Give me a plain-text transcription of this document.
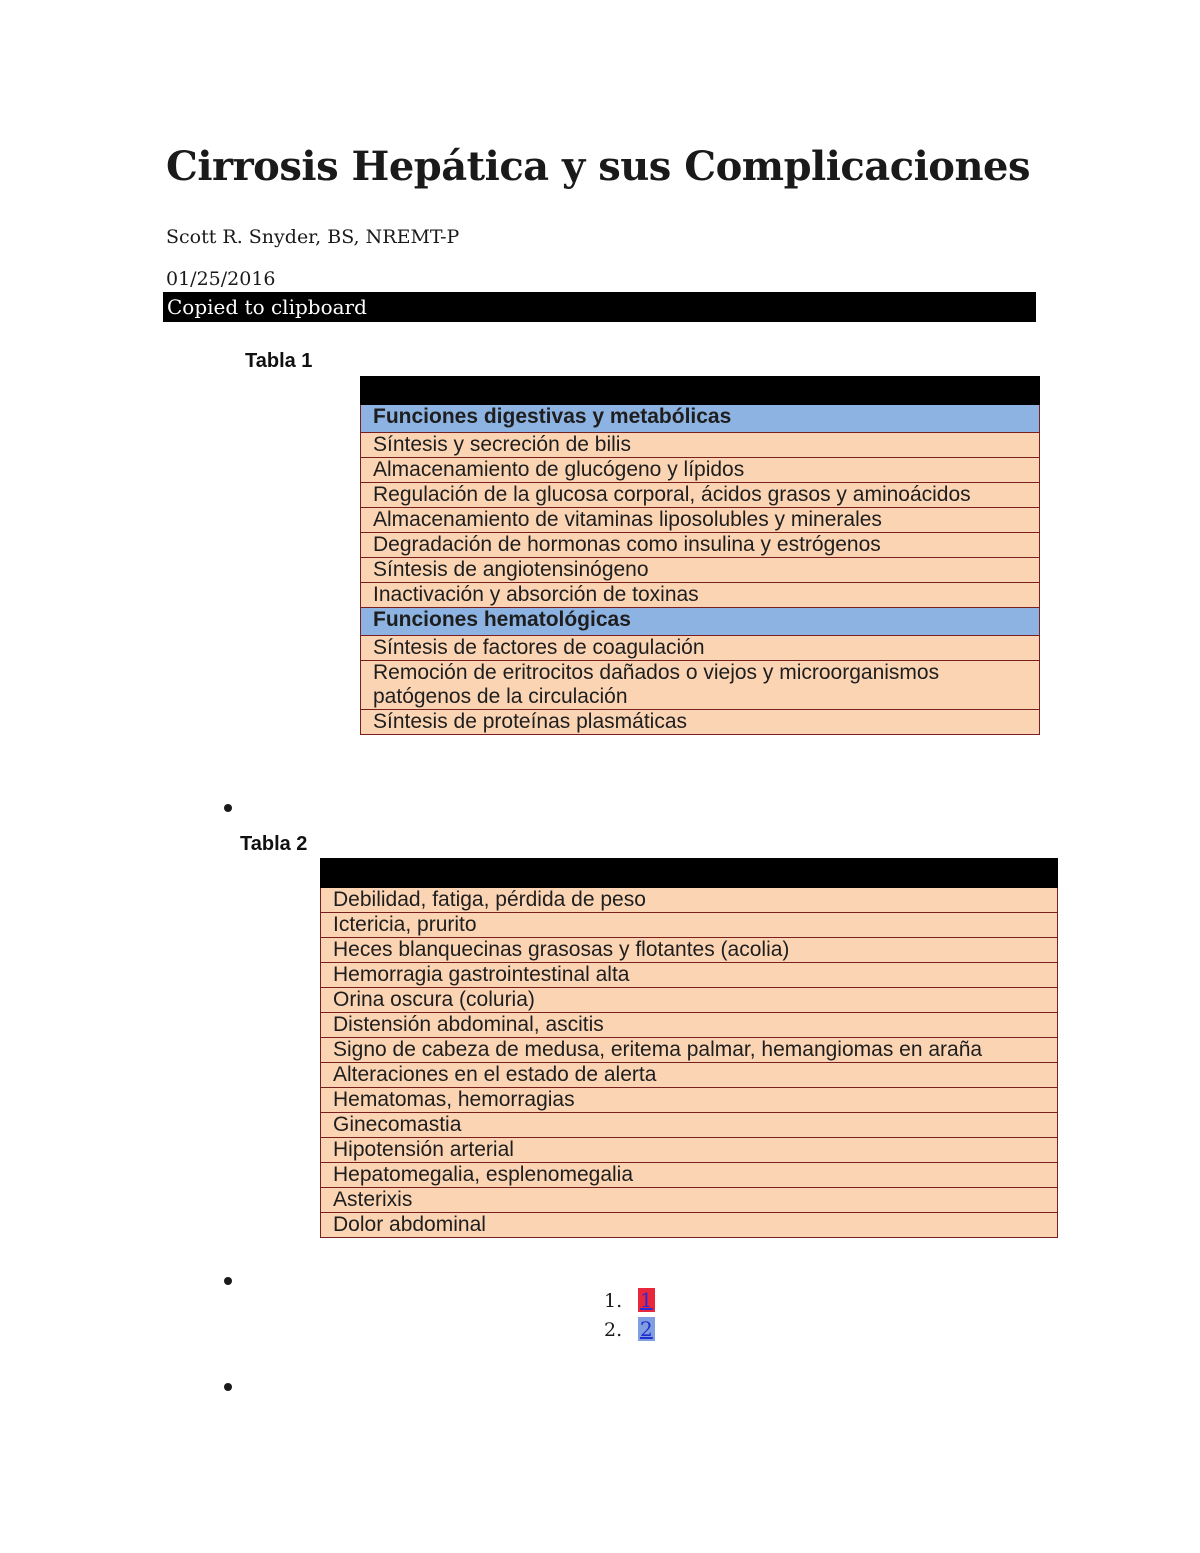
Cirrosis Hepática y sus Complicaciones
Scott R. Snyder, BS, NREMT-P
01/25/2016
Copied to clipboard
Tabla 1

Funciones digestivas y metabólicas
Síntesis y secreción de bilis
Almacenamiento de glucógeno y lípidos
Regulación de la glucosa corporal, ácidos grasos y aminoácidos
Almacenamiento de vitaminas liposolubles y minerales
Degradación de hormonas como insulina y estrógenos
Síntesis de angiotensinógeno
Inactivación y absorción de toxinas
Funciones hematológicas
Síntesis de factores de coagulación
Remoción de eritrocitos dañados o viejos y microorganismos patógenos de la circulación
Síntesis de proteínas plasmáticas
Tabla 2

Debilidad, fatiga, pérdida de peso
Ictericia, prurito
Heces blanquecinas grasosas y flotantes (acolia)
Hemorragia gastrointestinal alta
Orina oscura (coluria)
Distensión abdominal, ascitis
Signo de cabeza de medusa, eritema palmar, hemangiomas en araña
Alteraciones en el estado de alerta
Hematomas, hemorragias
Ginecomastia
Hipotensión arterial
Hepatomegalia, esplenomegalia
Asterixis
Dolor abdominal
1. 1
2. 2
